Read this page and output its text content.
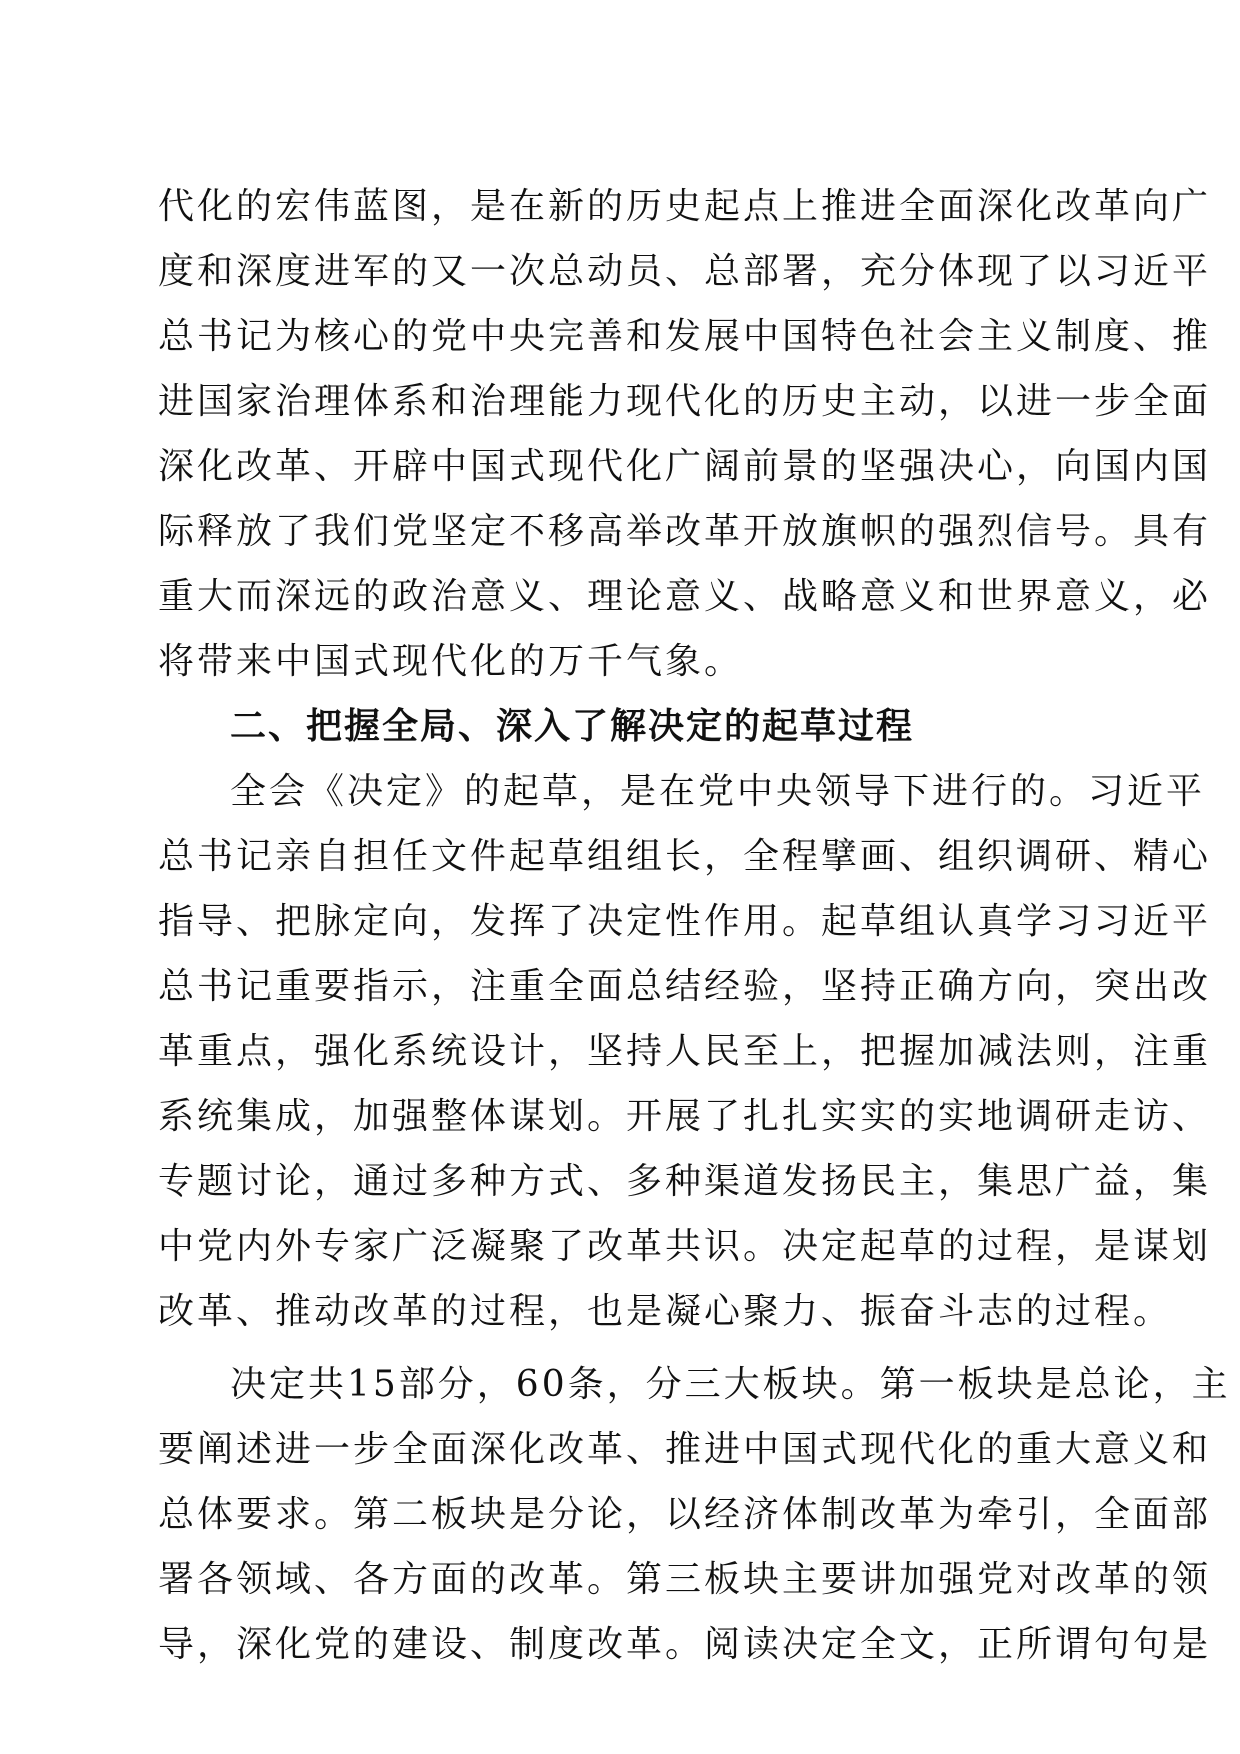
代化的宏伟蓝图，是在新的历史起点上推进全面深化改革向广

度和深度进军的又一次总动员、总部署，充分体现了以习近平

总书记为核心的党中央完善和发展中国特色社会主义制度、推

进国家治理体系和治理能力现代化的历史主动，以进一步全面

深化改革、开辟中国式现代化广阔前景的坚强决心，向国内国

际释放了我们党坚定不移高举改革开放旗帜的强烈信号。具有

重大而深远的政治意义、理论意义、战略意义和世界意义，必

将带来中国式现代化的万千气象。

二、把握全局、深入了解决定的起草过程

全会《决定》的起草，是在党中央领导下进行的。习近平

总书记亲自担任文件起草组组长，全程擘画、组织调研、精心

指导、把脉定向，发挥了决定性作用。起草组认真学习习近平

总书记重要指示，注重全面总结经验，坚持正确方向，突出改

革重点，强化系统设计，坚持人民至上，把握加减法则，注重

系统集成，加强整体谋划。开展了扎扎实实的实地调研走访、

专题讨论，通过多种方式、多种渠道发扬民主，集思广益，集

中党内外专家广泛凝聚了改革共识。决定起草的过程，是谋划

改革、推动改革的过程，也是凝心聚力、振奋斗志的过程。

决定共15部分，60条，分三大板块。第一板块是总论，主

要阐述进一步全面深化改革、推进中国式现代化的重大意义和

总体要求。第二板块是分论，以经济体制改革为牵引，全面部

署各领域、各方面的改革。第三板块主要讲加强党对改革的领

导，深化党的建设、制度改革。阅读决定全文，正所谓句句是
